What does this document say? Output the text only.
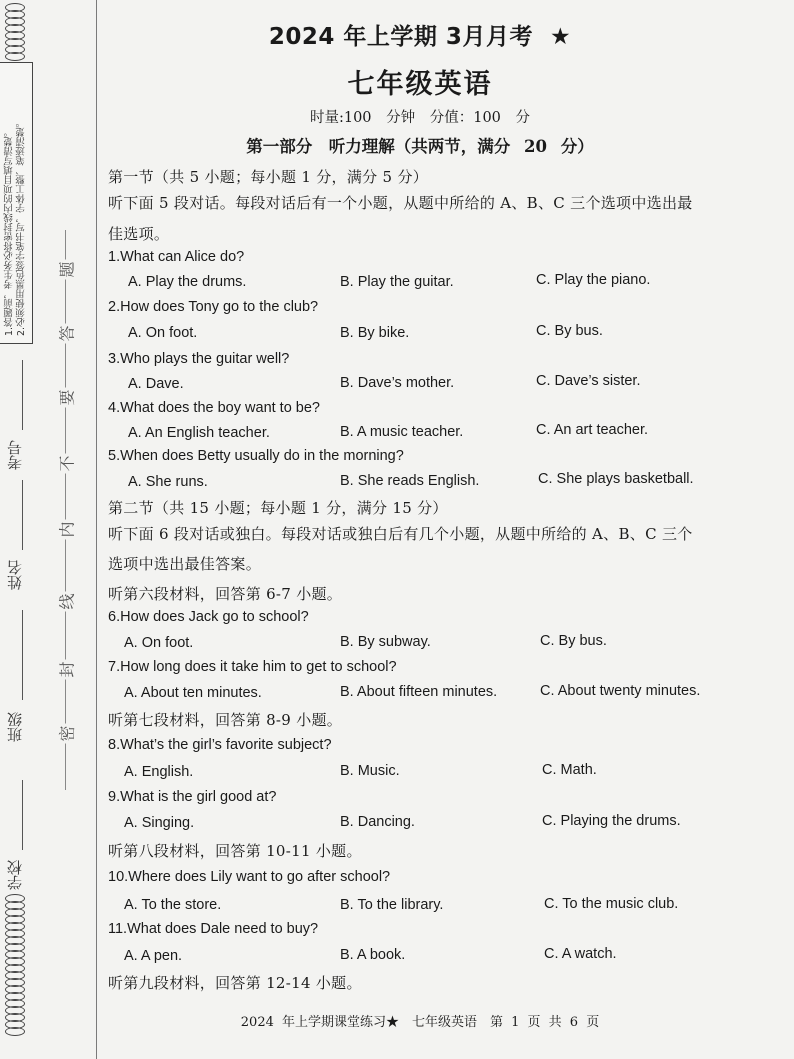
1.答题前，考生务必将密封线内的项目填写清楚。 2.必须使用黑色签字笔书写，字体工整、笔迹清楚。
考号
姓名
班级
学校
题
答
要
不
内
线
封
密
2024 年上学期 3月月考 ★
七年级英语
时量:100 分钟 分值：100 分
第一部分　听力理解（共两节，满分 20 分）
第一节（共 5 小题；每小题 1 分，满分 5 分）
听下面 5 段对话。每段对话后有一个小题，从题中所给的 A、B、C 三个选项中选出最
佳选项。
1.What can Alice do?
A. Play the drums.	B. Play the guitar.	C. Play the piano.
2.How does Tony go to the club?
A. On foot.	B. By bike.	C. By bus.
3.Who plays the guitar well?
A. Dave.	B. Dave’s mother.	C. Dave’s sister.
4.What does the boy want to be?
A. An English teacher.	B. A music teacher.	C. An art teacher.
5.When does Betty usually do in the morning?
A. She runs.	B. She reads English.	C. She plays basketball.
第二节（共 15 小题；每小题 1 分，满分 15 分）
听下面 6 段对话或独白。每段对话或独白后有几个小题，从题中所给的 A、B、C 三个
选项中选出最佳答案。
听第六段材料，回答第 6-7 小题。
6.How does Jack go to school?
A. On foot.	B. By subway.	C. By bus.
7.How long does it take him to get to school?
A. About ten minutes.	B. About fifteen minutes.	C. About twenty minutes.
听第七段材料，回答第 8-9 小题。
8.What’s the girl’s favorite subject?
A. English.	B. Music.	C. Math.
9.What is the girl good at?
A. Singing.	B. Dancing.	C. Playing the drums.
听第八段材料，回答第 10-11 小题。
10.Where does Lily want to go after school?
A. To the store.	B. To the library.	C. To the music club.
11.What does Dale need to buy?
A. A pen.	B. A book.	C. A watch.
听第九段材料，回答第 12-14 小题。
2024 年上学期课堂练习★　七年级英语　第 1 页 共 6 页
